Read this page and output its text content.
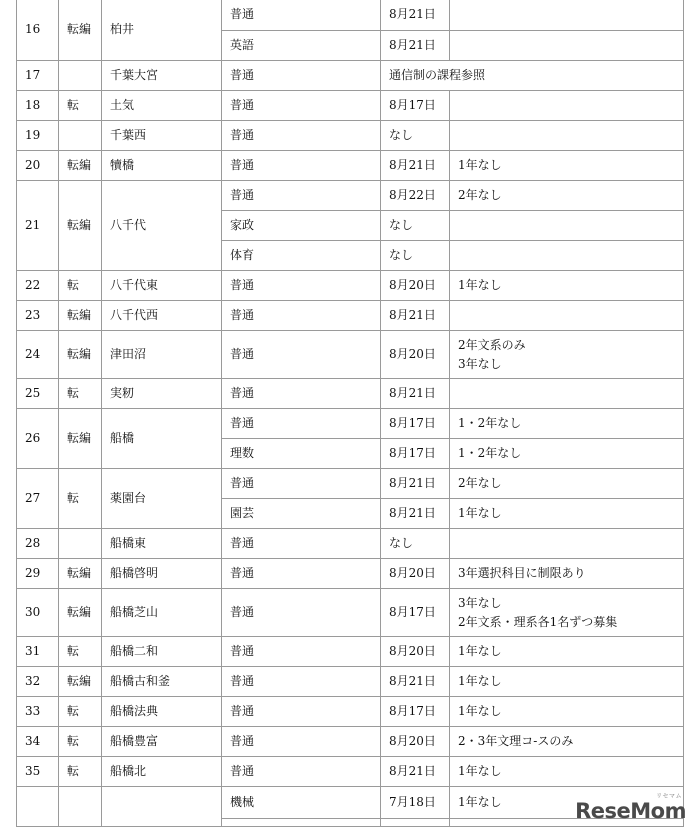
16	転編	柏井	普通	8月21日	
			英語	8月21日	
17		千葉大宮	普通	通信制の課程参照	
18	転	土気	普通	8月17日	
19		千葉西	普通	なし	
20	転編	犢橋	普通	8月21日	1年なし

21	転編	八千代	普通	8月22日	2年なし

			家政	なし	
			体育	なし	
22	転	八千代東	普通	8月20日	1年なし

23	転編	八千代西	普通	8月21日	
24	転編	津田沼	普通	8月20日	2年文系のみ
3年なし

25	転	実籾	普通	8月21日	
26	転編	船橋	普通	8月17日	1・2年なし

			理数	8月17日	1・2年なし

27	転	薬園台	普通	8月21日	2年なし

			園芸	8月21日	1年なし

28		船橋東	普通	なし	
29	転編	船橋啓明	普通	8月20日	3年選択科目に制限あり

30	転編	船橋芝山	普通	8月17日	3年なし
2年文系・理系各1名ずつ募集

31	転	船橋二和	普通	8月20日	1年なし

32	転編	船橋古和釜	普通	8月21日	1年なし

33	転	船橋法典	普通	8月17日	1年なし

34	転	船橋豊富	普通	8月20日	2・3年文理コ-スのみ

35	転	船橋北	普通	8月21日	1年なし

			機械	7月18日	1年なし

			リセマム
ReseMom
